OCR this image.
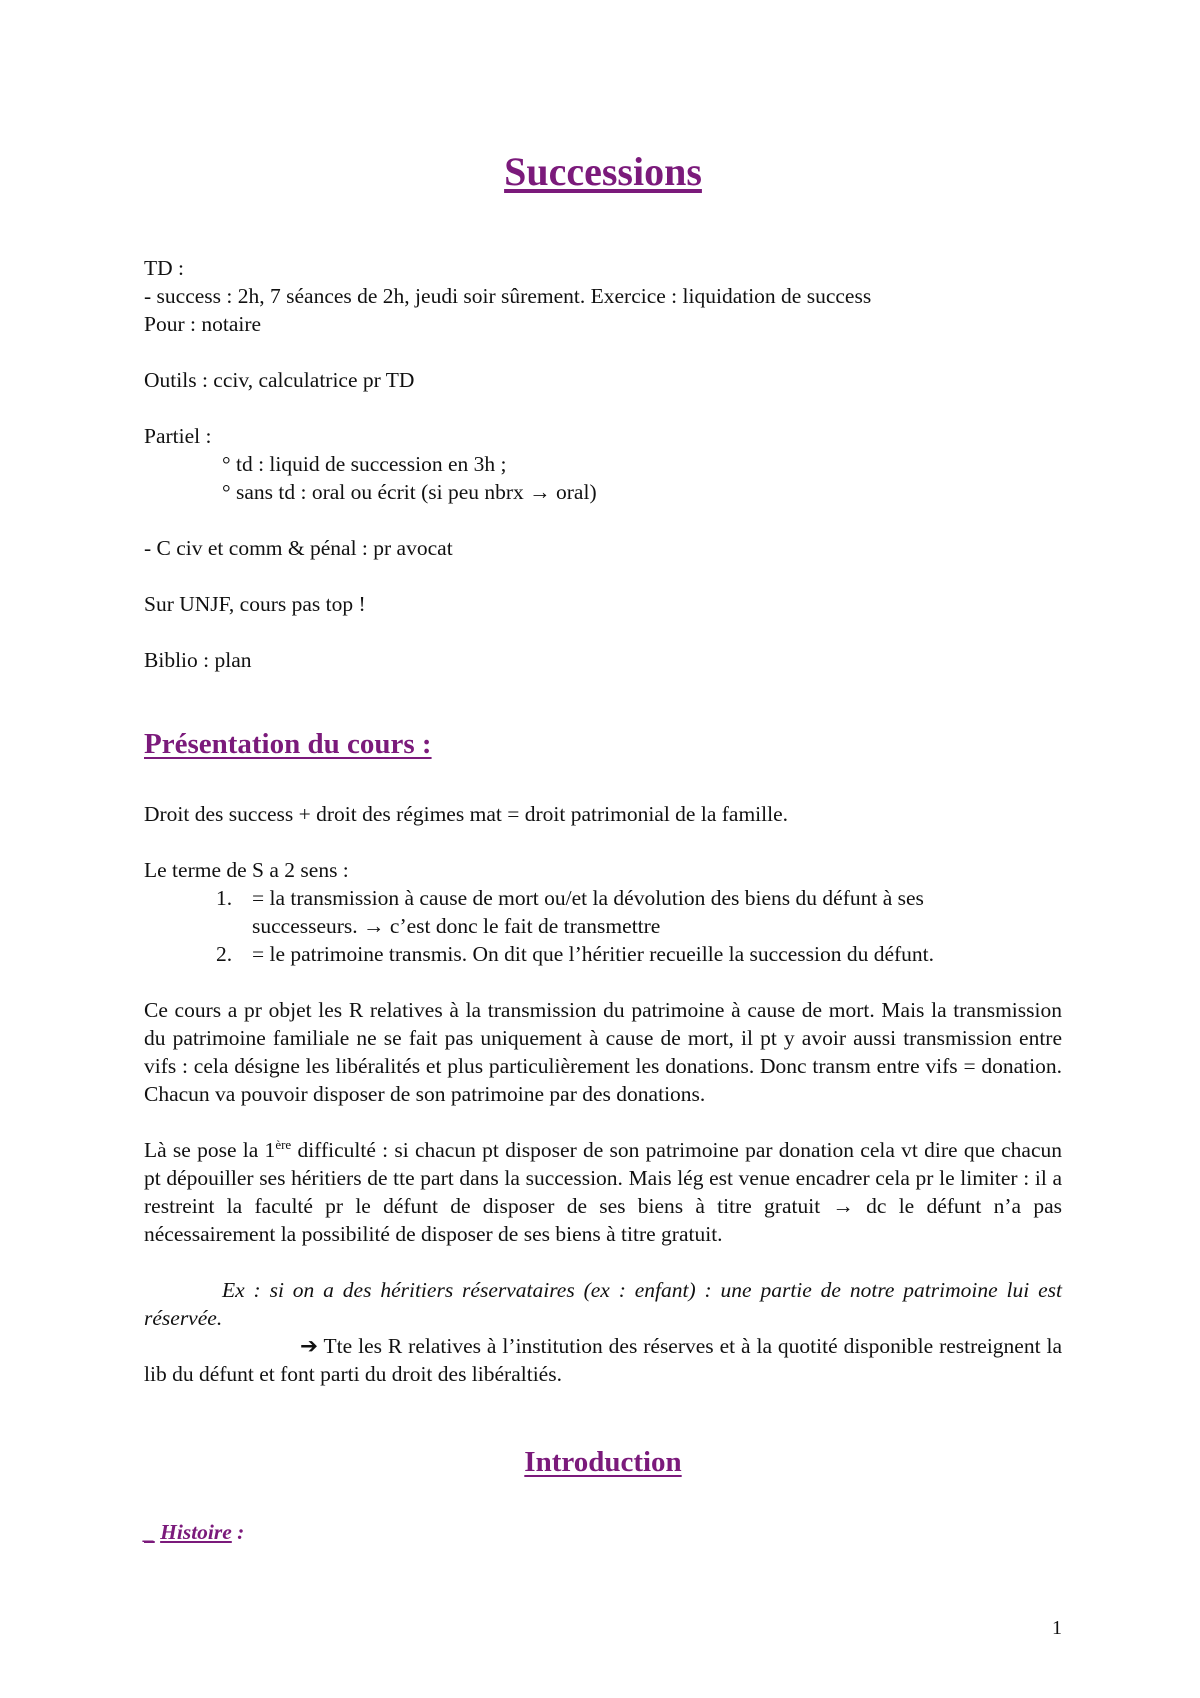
Successions
TD :
- success : 2h, 7 séances de 2h, jeudi soir sûrement. Exercice : liquidation de success
Pour : notaire
Outils : cciv, calculatrice pr TD
Partiel :
° td : liquid de succession en 3h ;
° sans td : oral ou écrit (si peu nbrx → oral)
- C civ et comm & pénal : pr avocat
Sur UNJF, cours pas top !
Biblio : plan
Présentation du cours :
Droit des success + droit des régimes mat = droit patrimonial de la famille.
Le terme de S a 2 sens :
1. = la transmission à cause de mort ou/et la dévolution des biens du défunt à ses
successeurs. → c’est donc le fait de transmettre
2. = le patrimoine transmis. On dit que l’héritier recueille la succession du défunt.
Ce cours a pr objet les R relatives à la transmission du patrimoine à cause de mort. Mais la transmission du patrimoine familiale ne se fait pas uniquement à cause de mort, il pt y avoir aussi transmission entre vifs : cela désigne les libéralités et plus particulièrement les donations. Donc transm entre vifs = donation. Chacun va pouvoir disposer de son patrimoine par des donations.
Là se pose la 1ère difficulté : si chacun pt disposer de son patrimoine par donation cela vt dire que chacun pt dépouiller ses héritiers de tte part dans la succession. Mais lég est venue encadrer cela pr le limiter : il a restreint la faculté pr le défunt de disposer de ses biens à titre gratuit → dc le défunt n’a pas nécessairement la possibilité de disposer de ses biens à titre gratuit.
Ex : si on a des héritiers réservataires (ex : enfant) : une partie de notre patrimoine lui est réservée.
➔ Tte les R relatives à l’institution des réserves et à la quotité disponible restreignent la lib du défunt et font parti du droit des libéraltiés.
Introduction
_ Histoire :
1
